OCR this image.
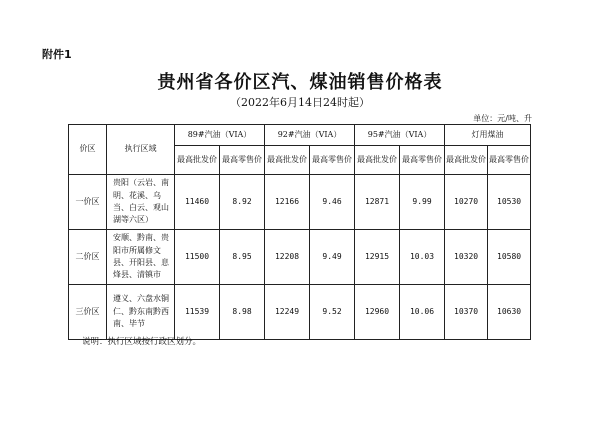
附件1
贵州省各价区汽、煤油销售价格表
（2022年6月14日24时起）
单位：元/吨、升
价区	执行区域	89#汽油（VIA）		92#汽油（VIA）		95#汽油（VIA）		灯用煤油	
		最高批发价	最高零售价	最高批发价	最高零售价	最高批发价	最高零售价	最高批发价	最高零售价
一价区	贵阳（云岩、南明、花溪、乌当、白云、观山湖等六区）	11460	8.92	12166	9.46	12871	9.99	10270	10530
二价区	安顺、黔南、贵阳市所属修文县、开阳县、息烽县、清镇市	11500	8.95	12208	9.49	12915	10.03	10320	10580
三价区	遵义、六盘水铜仁、黔东南黔西南、毕节	11539	8.98	12249	9.52	12960	10.06	10370	10630
说明：执行区域按行政区划分。
